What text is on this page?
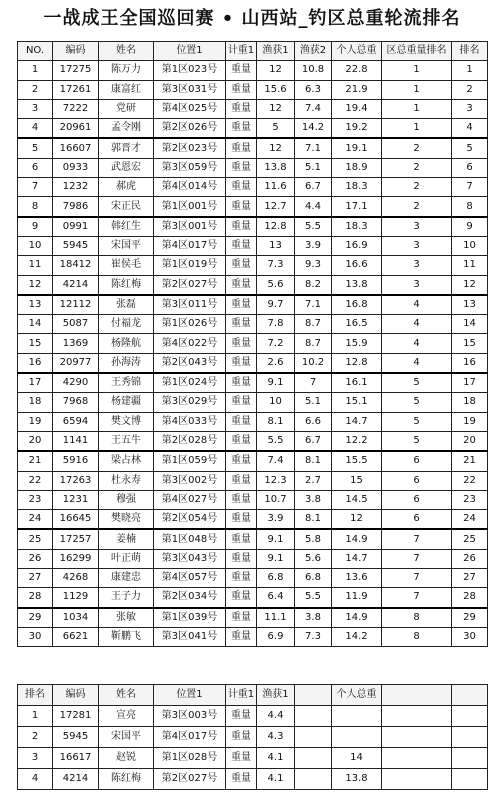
一战成王全国巡回赛 • 山西站_钓区总重轮流排名
NO.	编码	姓名	位置1	计重1	渔获1	渔获2	个人总重	区总重量排名	排名
1	17275	陈万力	第1区023号	重量	12	10.8	22.8	1	1
2	17261	康富红	第3区031号	重量	15.6	6.3	21.9	1	2
3	7222	党研	第4区025号	重量	12	7.4	19.4	1	3
4	20961	孟令刚	第2区026号	重量	5	14.2	19.2	1	4
5	16607	郭晋才	第2区023号	重量	12	7.1	19.1	2	5
6	0933	武恩宏	第3区059号	重量	13.8	5.1	18.9	2	6
7	1232	郝虎	第4区014号	重量	11.6	6.7	18.3	2	7
8	7986	宋正民	第1区001号	重量	12.7	4.4	17.1	2	8
9	0991	韩红生	第3区001号	重量	12.8	5.5	18.3	3	9
10	5945	宋国平	第4区017号	重量	13	3.9	16.9	3	10
11	18412	崔侯毛	第1区019号	重量	7.3	9.3	16.6	3	11
12	4214	陈红梅	第2区027号	重量	5.6	8.2	13.8	3	12
13	12112	张磊	第3区011号	重量	9.7	7.1	16.8	4	13
14	5087	付福龙	第1区026号	重量	7.8	8.7	16.5	4	14
15	1369	杨隆航	第4区022号	重量	7.2	8.7	15.9	4	15
16	20977	孙海涛	第2区043号	重量	2.6	10.2	12.8	4	16
17	4290	王秀锦	第1区024号	重量	9.1	7	16.1	5	17
18	7968	杨建疆	第3区029号	重量	10	5.1	15.1	5	18
19	6594	樊文博	第4区033号	重量	8.1	6.6	14.7	5	19
20	1141	王五牛	第2区028号	重量	5.5	6.7	12.2	5	20
21	5916	梁占林	第1区059号	重量	7.4	8.1	15.5	6	21
22	17263	杜永寿	第3区002号	重量	12.3	2.7	15	6	22
23	1231	穆强	第4区027号	重量	10.7	3.8	14.5	6	23
24	16645	樊晓亮	第2区054号	重量	3.9	8.1	12	6	24
25	17257	姜楠	第1区048号	重量	9.1	5.8	14.9	7	25
26	16299	叶正萌	第3区043号	重量	9.1	5.6	14.7	7	26
27	4268	康建忠	第4区057号	重量	6.8	6.8	13.6	7	27
28	1129	王子力	第2区034号	重量	6.4	5.5	11.9	7	28
29	1034	张敏	第1区039号	重量	11.1	3.8	14.9	8	29
30	6621	靳鹏飞	第3区041号	重量	6.9	7.3	14.2	8	30
排名	编码	姓名	位置1	计重1	渔获1		个人总重		
1	17281	宣亮	第3区003号	重量	4.4				
2	5945	宋国平	第4区017号	重量	4.3				
3	16617	赵锐	第1区028号	重量	4.1		14		
4	4214	陈红梅	第2区027号	重量	4.1		13.8		
